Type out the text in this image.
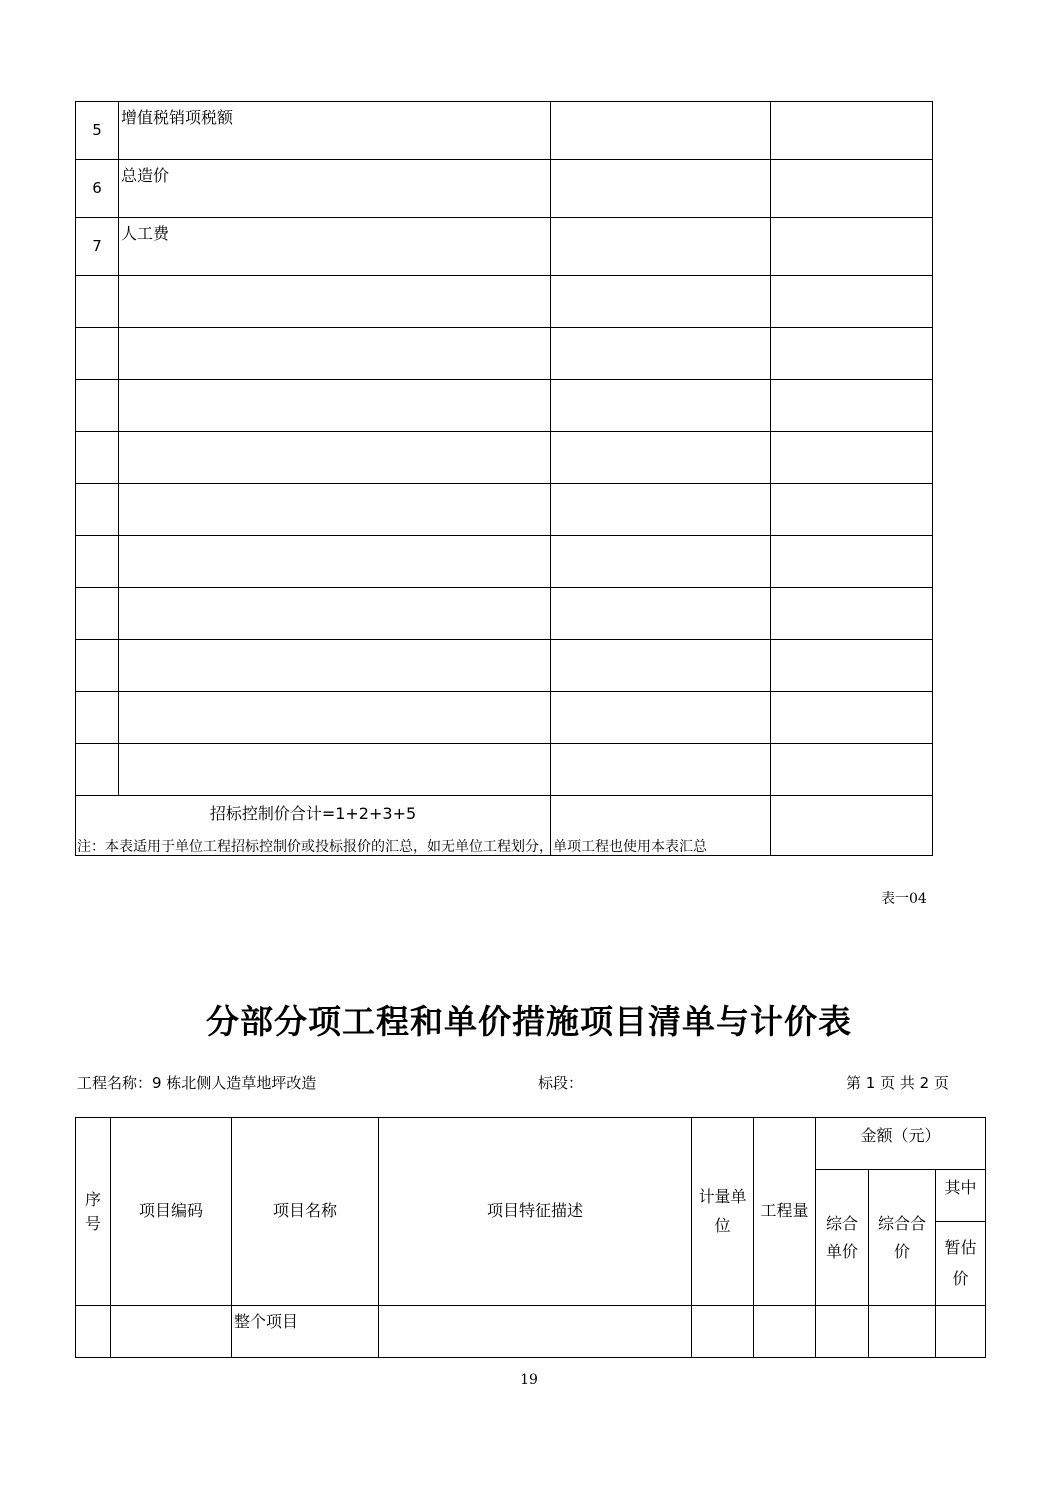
5	增值税销项税额		
6	总造价		
7	人工费		

招标控制价合计=1+2+3+5			
注：本表适用于单位工程招标控制价或投标报价的汇总，如无单位工程划分，单项工程也使用本表汇总
表一04
分部分项工程和单价措施项目清单与计价表
工程名称：9 栋北侧人造草地坪改造	标段：	第 1 页 共 2 页
序号	项目编码	项目名称	项目特征描述	计量单位	工程量	金额（元）		
						综合单价	综合合价	其中
								暂估价
		整个项目						
19
